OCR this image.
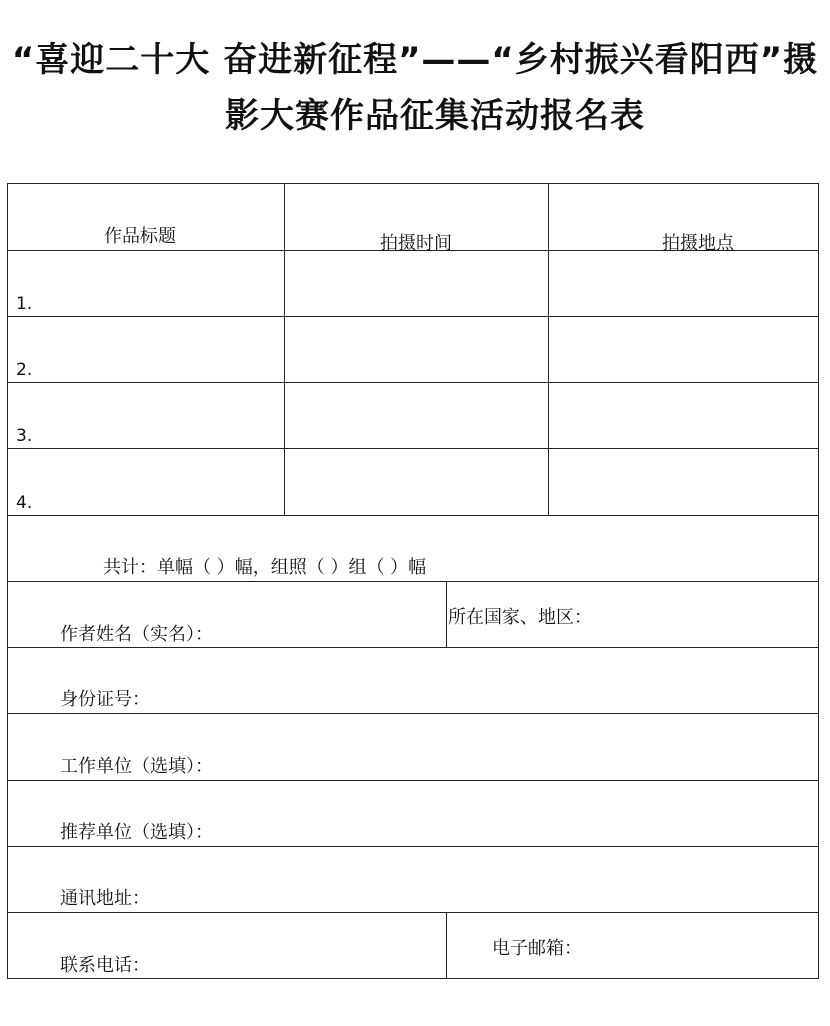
“喜迎二十大 奋进新征程”——“乡村振兴看阳西”摄
影大赛作品征集活动报名表
作品标题	拍摄时间	拍摄地点
1.
2.
3.
4.
共计：单幅（ ）幅，组照（ ）组（ ）幅
作者姓名（实名）：
所在国家、地区：
身份证号：
工作单位（选填）：
推荐单位（选填）：
通讯地址：
联系电话：
电子邮箱：
